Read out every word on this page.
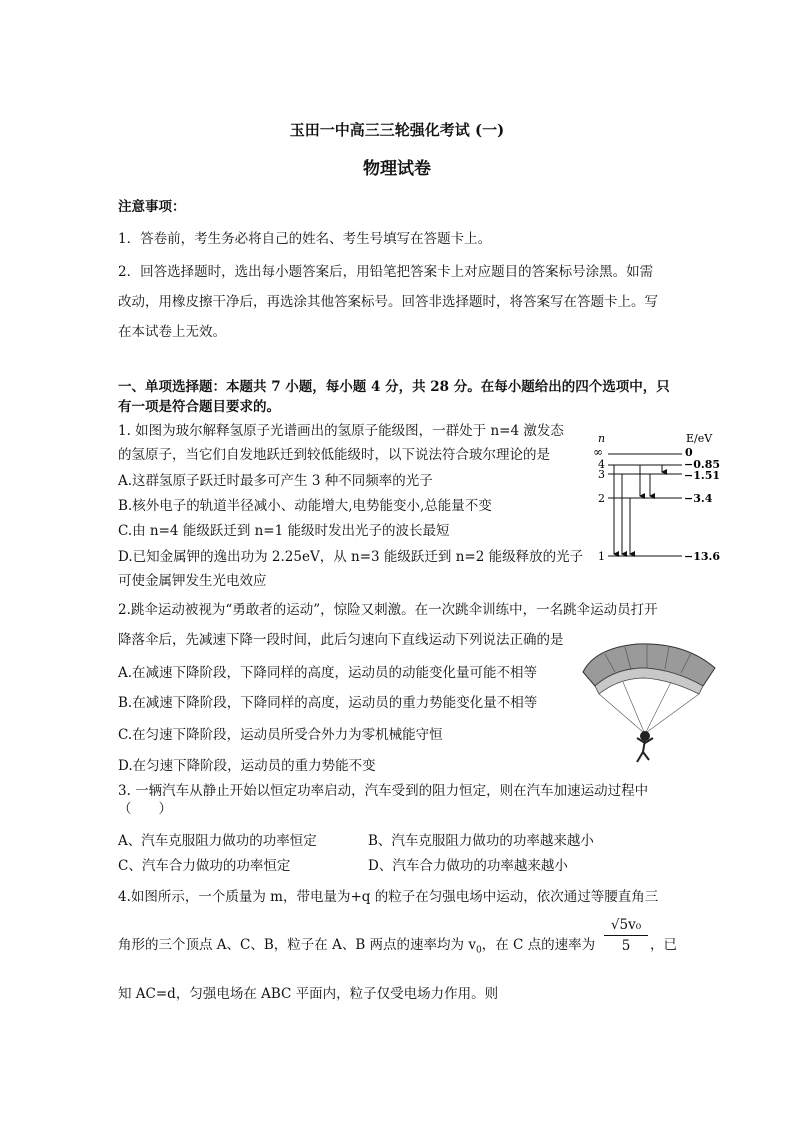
玉田一中高三三轮强化考试 (一)
物理试卷
注意事项：
1．答卷前，考生务必将自己的姓名、考生号填写在答题卡上。
2．回答选择题时，选出每小题答案后，用铅笔把答案卡上对应题目的答案标号涂黑。如需
改动，用橡皮擦干净后，再选涂其他答案标号。回答非选择题时，将答案写在答题卡上。写
在本试卷上无效。
一、单项选择题：本题共 7 小题，每小题 4 分，共 28 分。在每小题给出的四个选项中，只
有一项是符合题目要求的。
1. 如图为玻尔解释氢原子光谱画出的氢原子能级图，一群处于 n=4 激发态
的氢原子，当它们自发地跃迁到较低能级时，以下说法符合玻尔理论的是
A.这群氢原子跃迁时最多可产生 3 种不同频率的光子
B.核外电子的轨道半径减小、动能增大,电势能变小,总能量不变
C.由 n=4 能级跃迁到 n=1 能级时发出光子的波长最短
D.已知金属钾的逸出功为 2.25eV，从 n=3 能级跃迁到 n=2 能级释放的光子
可使金属钾发生光电效应
n	E/eV
∞
4
3
2
1
0
−0.85
−1.51
−3.4
−13.6
2.跳伞运动被视为“勇敢者的运动”，惊险又刺激。在一次跳伞训练中，一名跳伞运动员打开
降落伞后，先减速下降一段时间，此后匀速向下直线运动下列说法正确的是
A.在减速下降阶段，下降同样的高度，运动员的动能变化量可能不相等
B.在减速下降阶段，下降同样的高度，运动员的重力势能变化量不相等
C.在匀速下降阶段，运动员所受合外力为零机械能守恒
D.在匀速下降阶段，运动员的重力势能不变
3. 一辆汽车从静止开始以恒定功率启动，汽车受到的阻力恒定，则在汽车加速运动过程中
（　　）
A、汽车克服阻力做功的功率恒定	B、汽车克服阻力做功的功率越来越小
C、汽车合力做功的功率恒定	D、汽车合力做功的功率越来越小
4.如图所示，一个质量为 m，带电量为+q 的粒子在匀强电场中运动，依次通过等腰直角三
角形的三个顶点 A、C、B，粒子在 A、B 两点的速率均为 $v_0$，在 C 点的速率为 $\frac{\text{√5v₀}}{5}$ ，已
知 AC=d，匀强电场在 ABC 平面内，粒子仅受电场力作用。则
